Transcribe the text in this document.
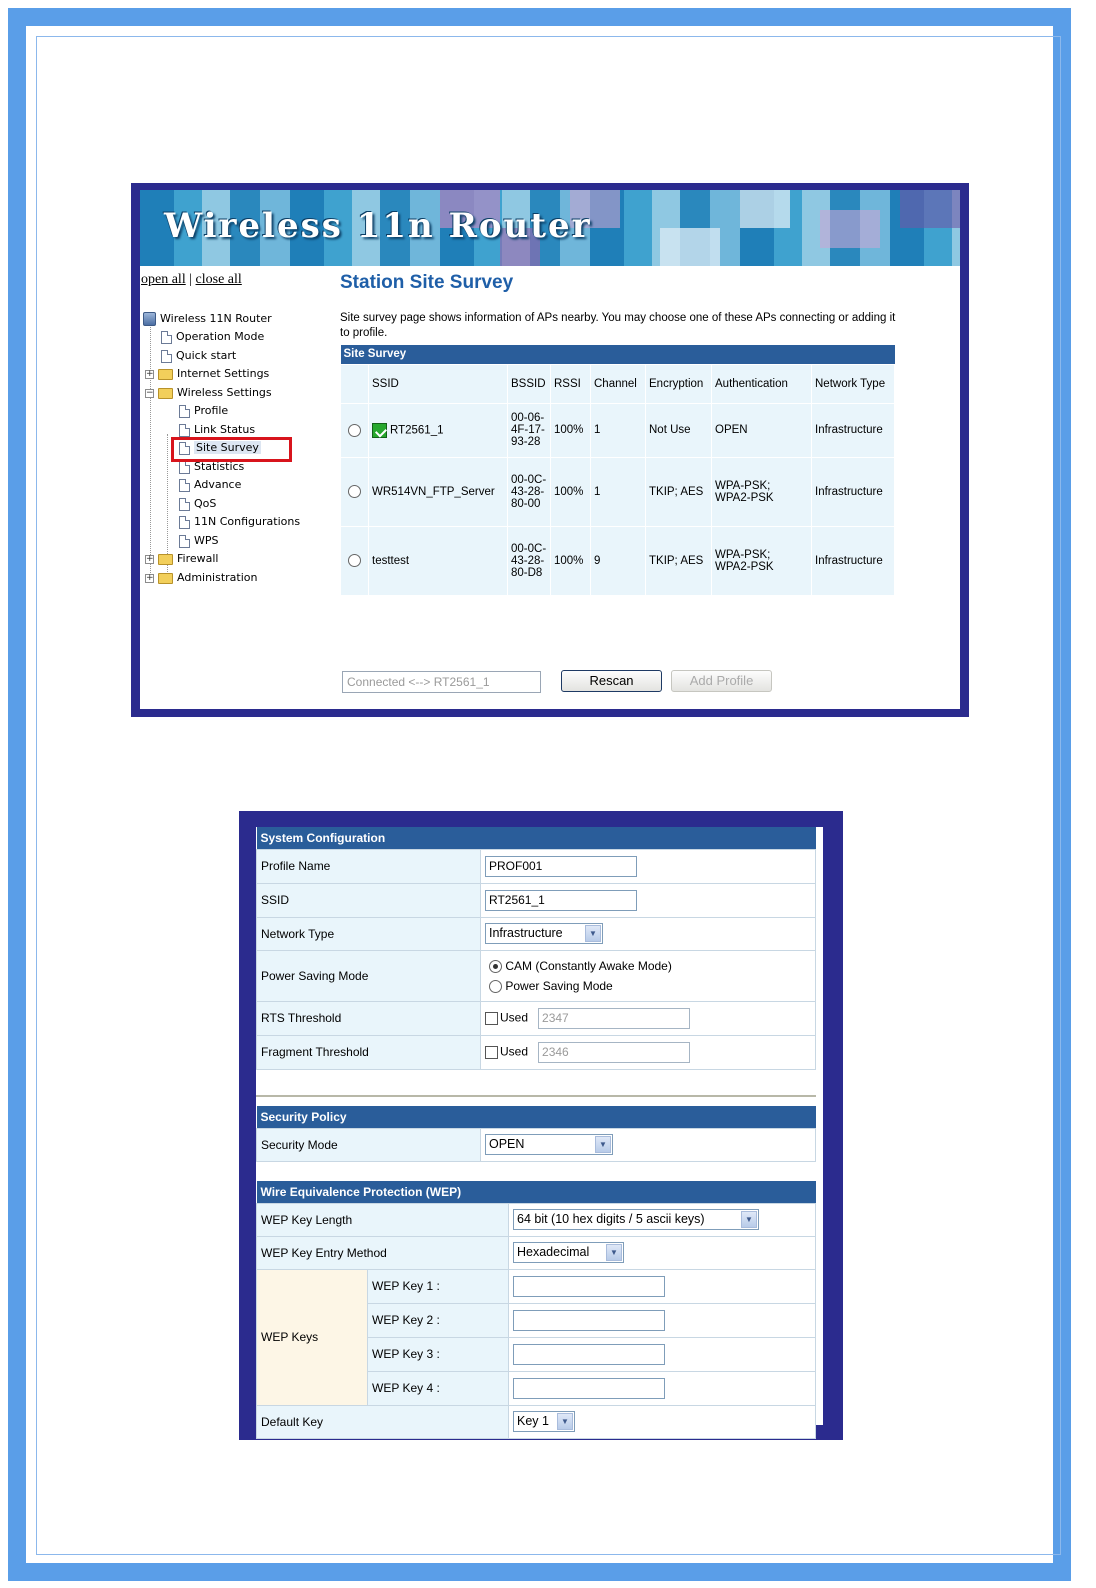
Wireless 11n Router
open all | close all
Wireless 11N Router
Operation Mode
Quick start
+ Internet Settings
− Wireless Settings
Profile
Link Status
Site Survey
Statistics
Advance
QoS
11N Configurations
WPS
+ Firewall
+ Administration
Station Site Survey
Site survey page shows information of APs nearby. You may choose one of these APs connecting or adding it to profile.
Site Survey							
	SSID	BSSID	RSSI	Channel	Encryption	Authentication	Network Type
	RT2561_1	00-06-4F-17-93-28	100%	1	Not Use	OPEN	Infrastructure
	WR514VN_FTP_Server	00-0C-43-28-80-00	100%	1	TKIP; AES	WPA-PSK; WPA2-PSK	Infrastructure
	testtest	00-0C-43-28-80-D8	100%	9	TKIP; AES	WPA-PSK; WPA2-PSK	Infrastructure
Connected <--> RT2561_1	Rescan	Add Profile
System Configuration	
Profile Name	PROF001
SSID	RT2561_1
Network Type	Infrastructure ▼

Power Saving Mode	CAM (Constantly Awake Mode)
Power Saving Mode

RTS Threshold	Used 2347
Fragment Threshold	Used 2346
Security Policy
Security Mode	OPEN	▼
Wire Equivalence Protection (WEP)		
WEP Key Length		64 bit (10 hex digits / 5 ascii keys) ▼

WEP Key Entry Method		Hexadecimal ▼

WEP Keys	WEP Key 1 :	
	WEP Key 2 :	
	WEP Key 3 :	
	WEP Key 4 :	
Default Key		Key 1 ▼
